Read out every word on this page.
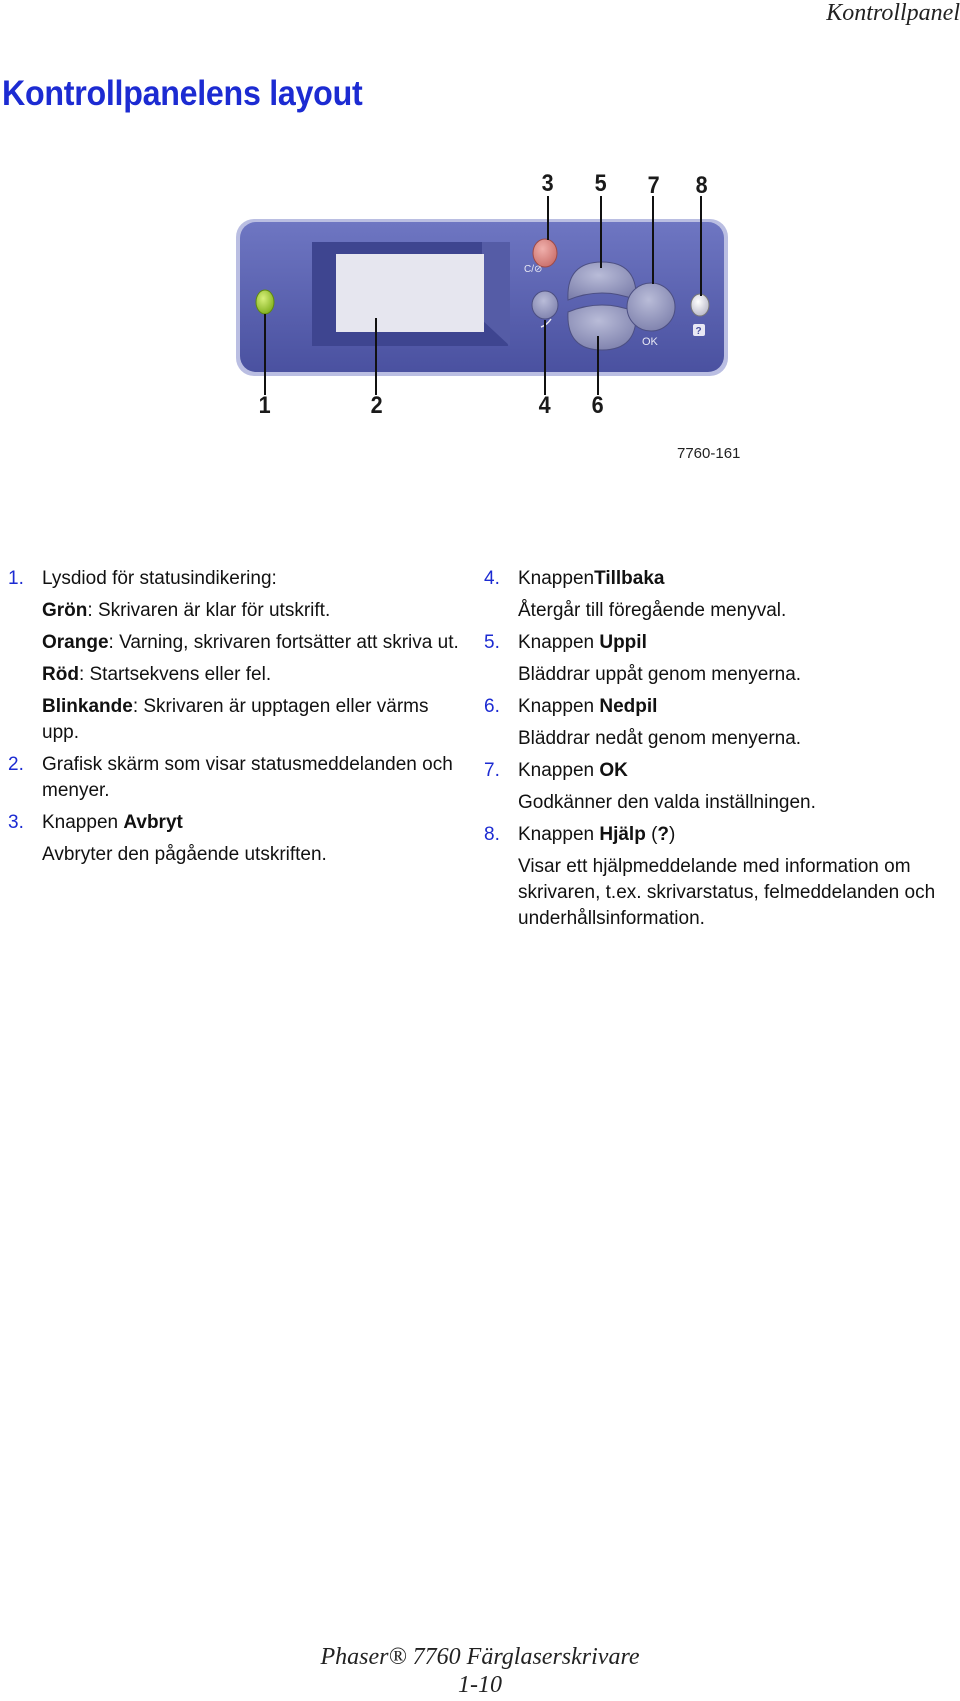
Kontrollpanel
Kontrollpanelens layout
C/⊘
OK
?
3 5 7 8
1	2	4 6
7760-161
1. Lysdiod för statusindikering:
Grön: Skrivaren är klar för utskrift.
Orange: Varning, skrivaren fortsätter att skriva ut.
Röd: Startsekvens eller fel.
Blinkande: Skrivaren är upptagen eller värms upp.
2. Grafisk skärm som visar statusmeddelanden och menyer.
3. Knappen Avbryt
Avbryter den pågående utskriften.
4. KnappenTillbaka
Återgår till föregående menyval.
5. Knappen Uppil
Bläddrar uppåt genom menyerna.
6. Knappen Nedpil
Bläddrar nedåt genom menyerna.
7. Knappen OK
Godkänner den valda inställningen.
8. Knappen Hjälp (?)
Visar ett hjälpmeddelande med information om skrivaren, t.ex. skrivarstatus, felmeddelanden och underhållsinformation.
Phaser® 7760 Färglaserskrivare
1-10
